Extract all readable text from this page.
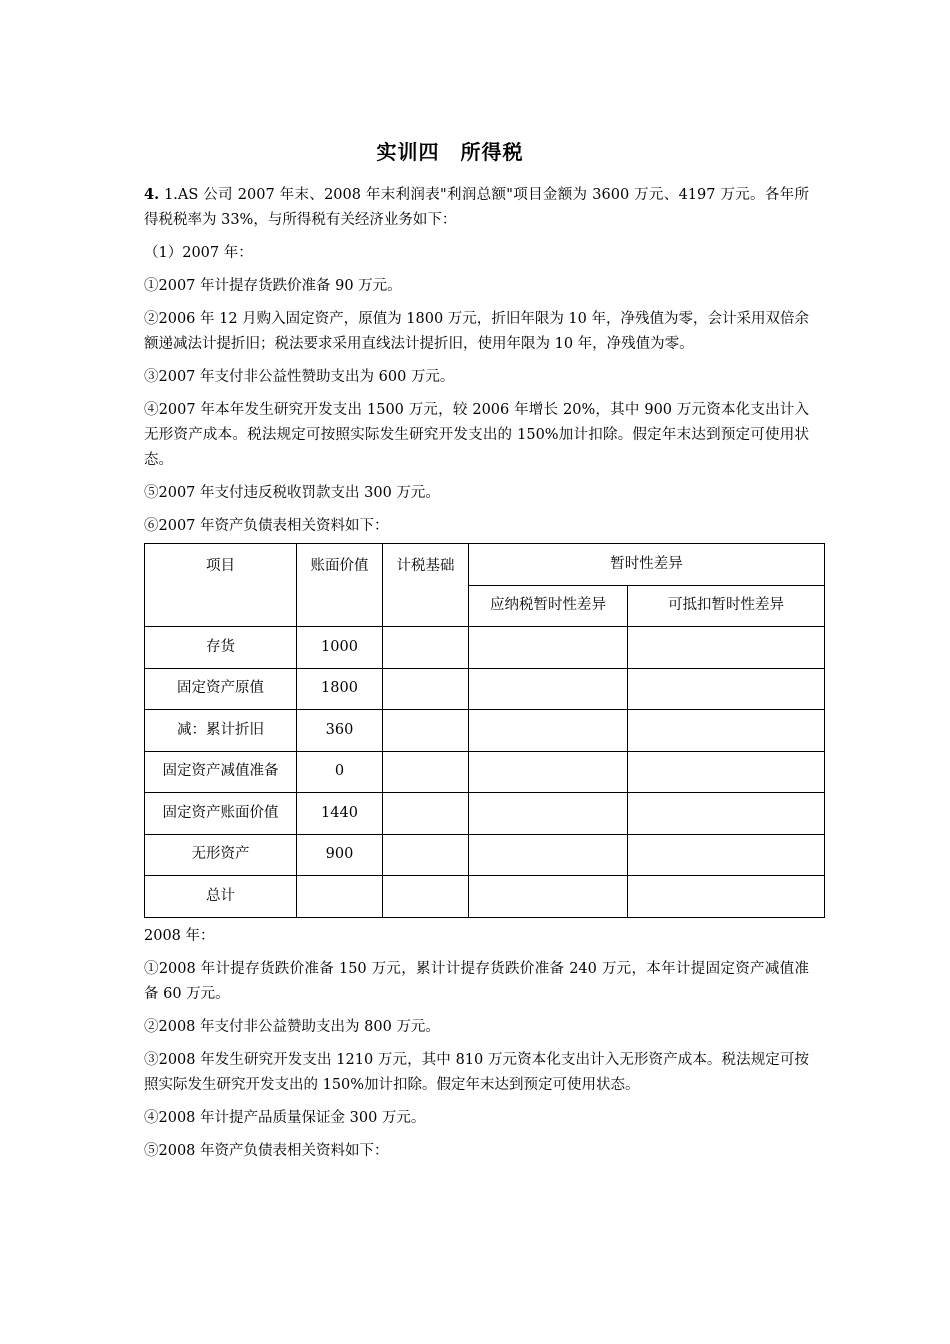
实训四　所得税

4. 1.AS 公司 2007 年末、2008 年末利润表"利润总额"项目金额为 3600 万元、4197 万元。各年所得税税率为 33%，与所得税有关经济业务如下：

（1）2007 年：

①2007 年计提存货跌价准备 90 万元。

②2006 年 12 月购入固定资产，原值为 1800 万元，折旧年限为 10 年，净残值为零，会计采用双倍余额递减法计提折旧；税法要求采用直线法计提折旧，使用年限为 10 年，净残值为零。

③2007 年支付非公益性赞助支出为 600 万元。

④2007 年本年发生研究开发支出 1500 万元，较 2006 年增长 20%，其中 900 万元资本化支出计入无形资产成本。税法规定可按照实际发生研究开发支出的 150%加计扣除。假定年末达到预定可使用状态。

⑤2007 年支付违反税收罚款支出 300 万元。

⑥2007 年资产负债表相关资料如下：

项目	账面价值	计税基础	暂时性差异	
			应纳税暂时性差异	可抵扣暂时性差异
存货	1000			
固定资产原值	1800			
减：累计折旧	360			
固定资产减值准备	0			
固定资产账面价值	1440			
无形资产	900			
总计				

2008 年：

①2008 年计提存货跌价准备 150 万元，累计计提存货跌价准备 240 万元，本年计提固定资产减值准备 60 万元。

②2008 年支付非公益赞助支出为 800 万元。

③2008 年发生研究开发支出 1210 万元，其中 810 万元资本化支出计入无形资产成本。税法规定可按照实际发生研究开发支出的 150%加计扣除。假定年末达到预定可使用状态。

④2008 年计提产品质量保证金 300 万元。

⑤2008 年资产负债表相关资料如下：
